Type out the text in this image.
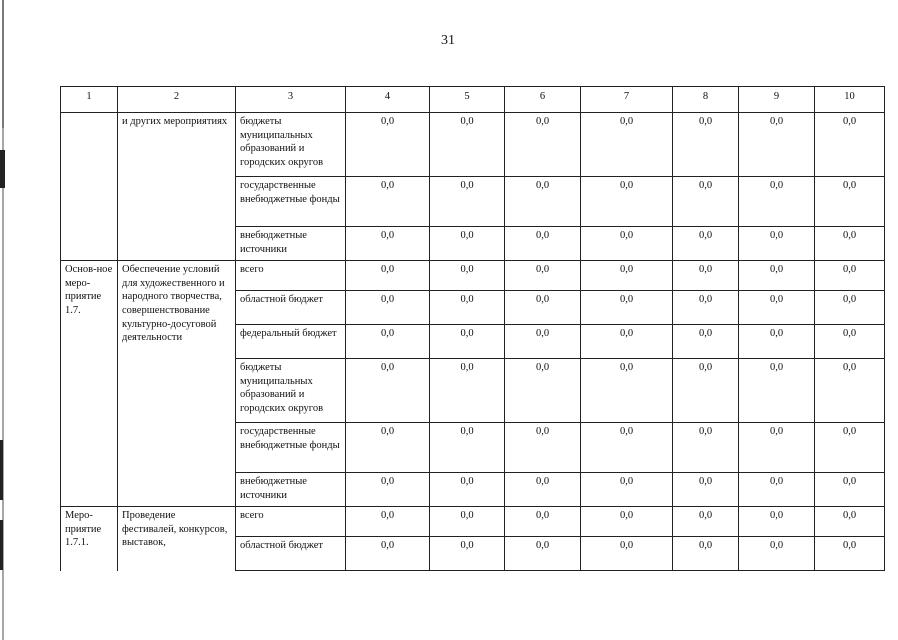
31
1	2	3	4	5	6	7	8	9	10
	и других мероприятиях	бюджеты муниципальных образований и городских округов	0,0	0,0	0,0	0,0	0,0	0,0	0,0
		государственные внебюджетные фонды	0,0	0,0	0,0	0,0	0,0	0,0	0,0
		внебюджетные источники	0,0	0,0	0,0	0,0	0,0	0,0	0,0
Основ-ное меро-приятие 1.7.	Обеспечение условий для художественного и народного творчества, совершенствование культурно-досуговой деятельности	всего	0,0	0,0	0,0	0,0	0,0	0,0	0,0
		областной бюджет	0,0	0,0	0,0	0,0	0,0	0,0	0,0
		федеральный бюджет	0,0	0,0	0,0	0,0	0,0	0,0	0,0
		бюджеты муниципальных образований и городских округов	0,0	0,0	0,0	0,0	0,0	0,0	0,0
		государственные внебюджетные фонды	0,0	0,0	0,0	0,0	0,0	0,0	0,0
		внебюджетные источники	0,0	0,0	0,0	0,0	0,0	0,0	0,0
Меро-приятие 1.7.1.	Проведение фестивалей, конкурсов, выставок,	всего	0,0	0,0	0,0	0,0	0,0	0,0	0,0
		областной бюджет	0,0	0,0	0,0	0,0	0,0	0,0	0,0
